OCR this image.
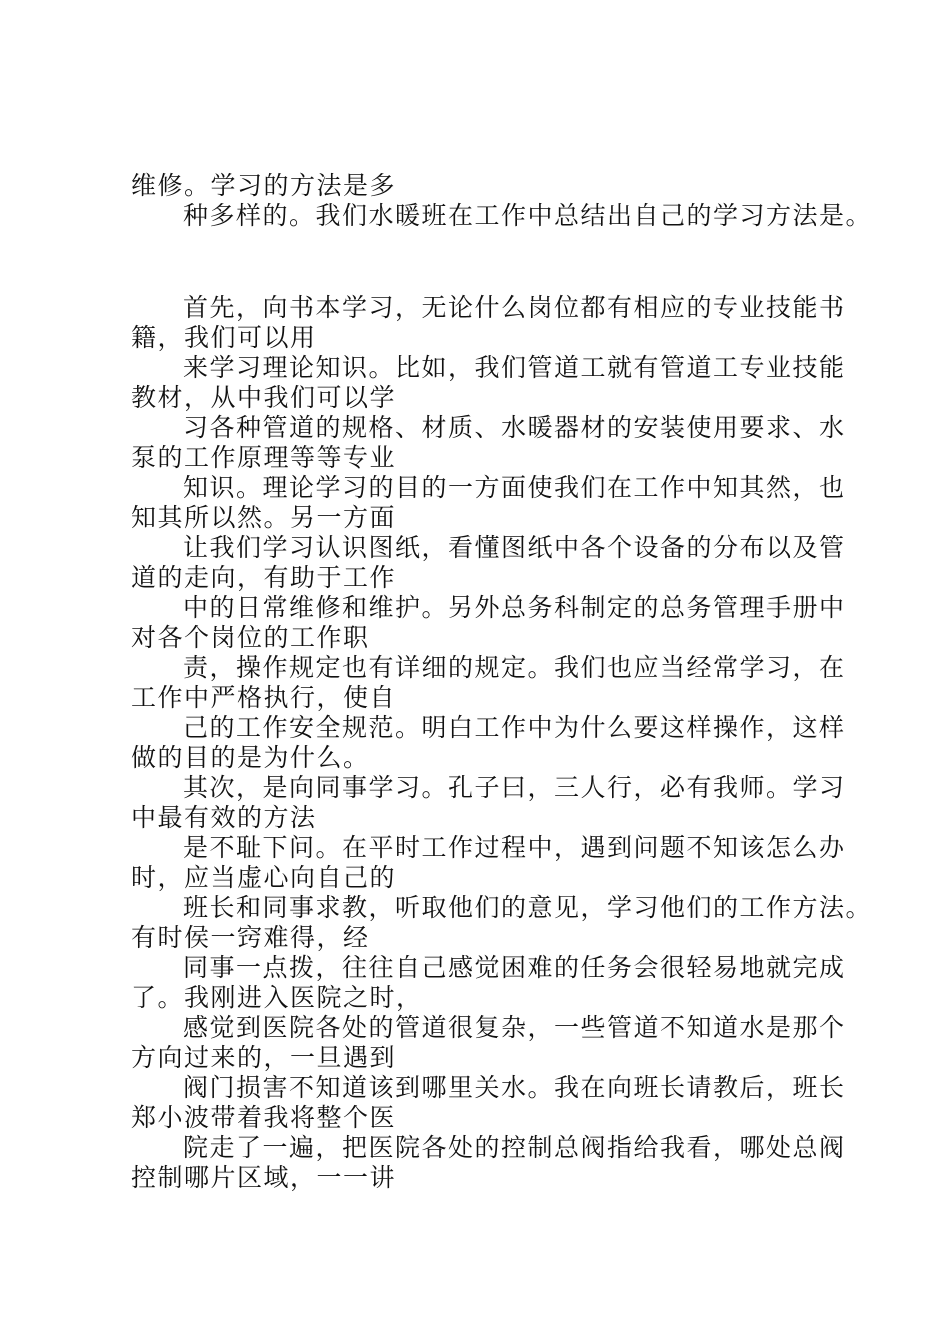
维修。学习的方法是多
种多样的。我们水暖班在工作中总结出自己的学习方法是。
首先，向书本学习，无论什么岗位都有相应的专业技能书
籍，我们可以用
来学习理论知识。比如，我们管道工就有管道工专业技能
教材，从中我们可以学
习各种管道的规格、材质、水暖器材的安装使用要求、水
泵的工作原理等等专业
知识。理论学习的目的一方面使我们在工作中知其然，也
知其所以然。另一方面
让我们学习认识图纸，看懂图纸中各个设备的分布以及管
道的走向，有助于工作
中的日常维修和维护。另外总务科制定的总务管理手册中
对各个岗位的工作职
责，操作规定也有详细的规定。我们也应当经常学习，在
工作中严格执行，使自
己的工作安全规范。明白工作中为什么要这样操作，这样
做的目的是为什么。
其次，是向同事学习。孔子曰，三人行，必有我师。学习
中最有效的方法
是不耻下问。在平时工作过程中，遇到问题不知该怎么办
时，应当虚心向自己的
班长和同事求教，听取他们的意见，学习他们的工作方法。
有时侯一窍难得，经
同事一点拨，往往自己感觉困难的任务会很轻易地就完成
了。我刚进入医院之时，
感觉到医院各处的管道很复杂，一些管道不知道水是那个
方向过来的，一旦遇到
阀门损害不知道该到哪里关水。我在向班长请教后，班长
郑小波带着我将整个医
院走了一遍，把医院各处的控制总阀指给我看，哪处总阀
控制哪片区域，一一讲
